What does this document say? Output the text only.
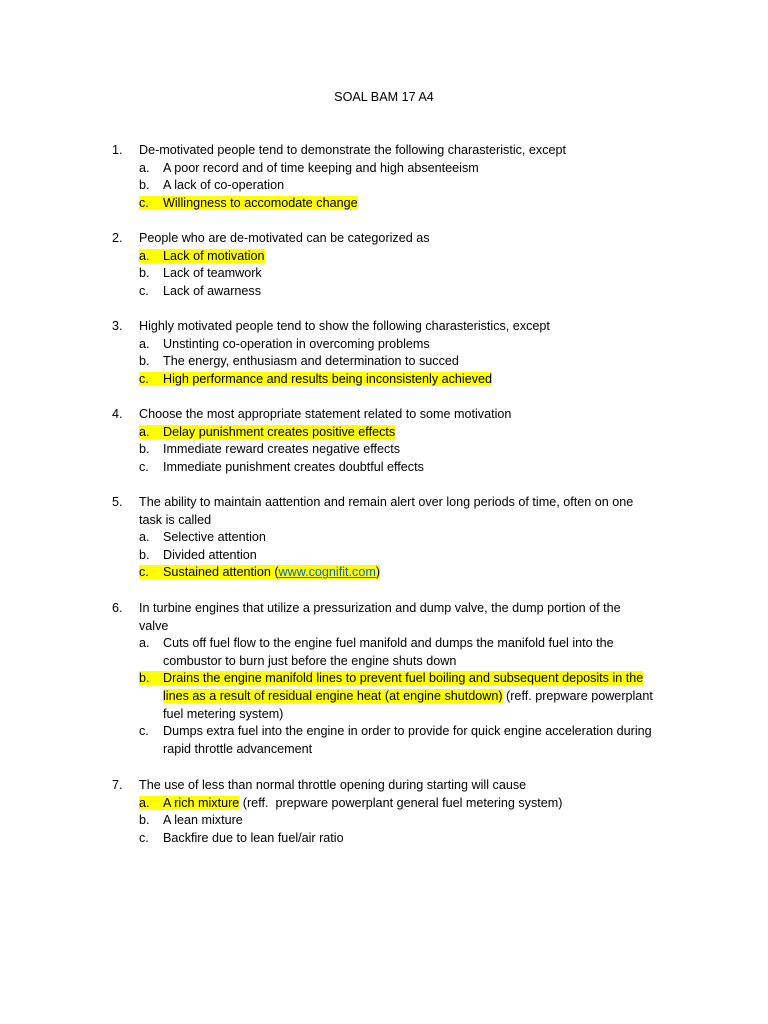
SOAL BAM 17 A4
1. De-motivated people tend to demonstrate the following charasteristic, except
a. A poor record and of time keeping and high absenteeism
b. A lack of co-operation
c. Willingness to accomodate change
2. People who are de-motivated can be categorized as
a. Lack of motivation
b. Lack of teamwork
c. Lack of awarness
3. Highly motivated people tend to show the following charasteristics, except
a. Unstinting co-operation in overcoming problems
b. The energy, enthusiasm and determination to succed
c. High performance and results being inconsistenly achieved
4. Choose the most appropriate statement related to some motivation
a. Delay punishment creates positive effects
b. Immediate reward creates negative effects
c. Immediate punishment creates doubtful effects
5. The ability to maintain aattention and remain alert over long periods of time, often on one
task is called
a. Selective attention
b. Divided attention
c. Sustained attention (www.cognifit.com)
6. In turbine engines that utilize a pressurization and dump valve, the dump portion of the
valve
a. Cuts off fuel flow to the engine fuel manifold and dumps the manifold fuel into the
combustor to burn just before the engine shuts down
b. Drains the engine manifold lines to prevent fuel boiling and subsequent deposits in the
lines as a result of residual engine heat (at engine shutdown) (reff. prepware powerplant
fuel metering system)
c. Dumps extra fuel into the engine in order to provide for quick engine acceleration during
rapid throttle advancement
7. The use of less than normal throttle opening during starting will cause
a. A rich mixture (reff.  prepware powerplant general fuel metering system)
b. A lean mixture
c. Backfire due to lean fuel/air ratio
